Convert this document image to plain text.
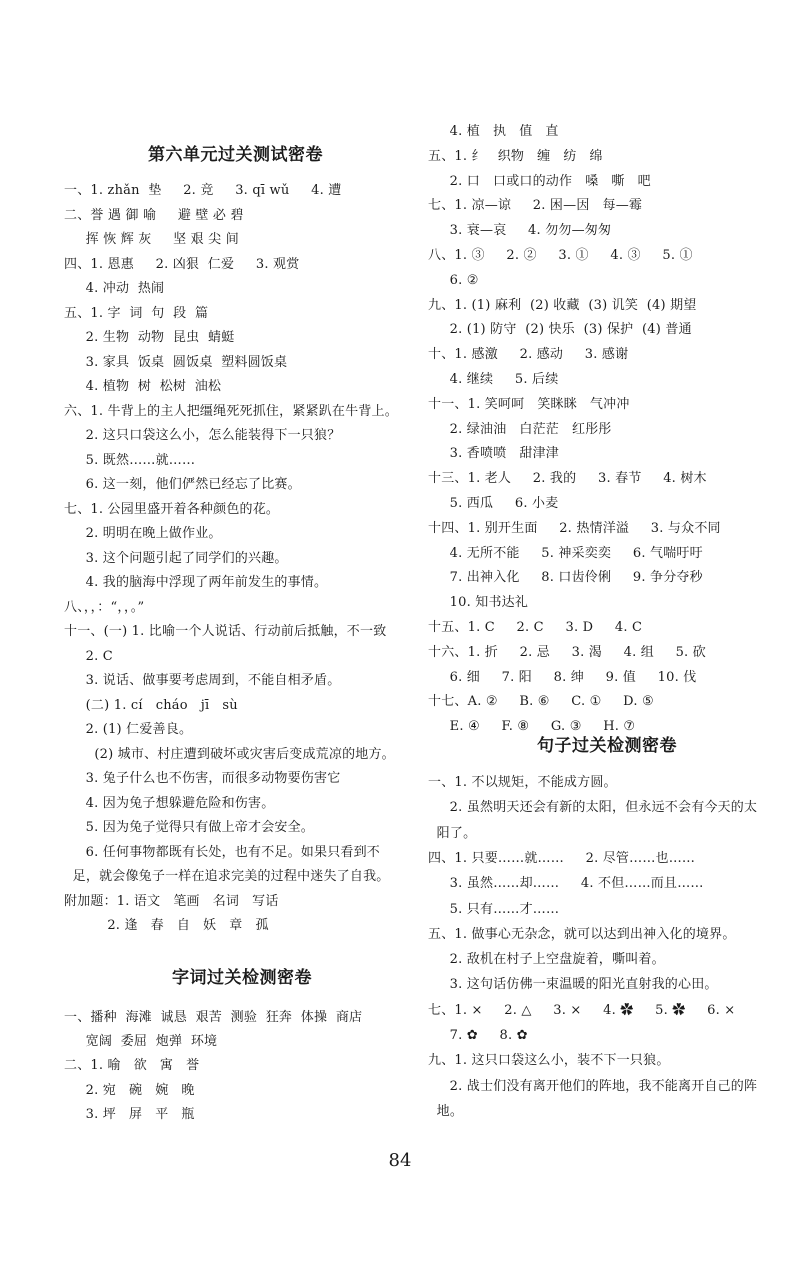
第六单元过关测试密卷
一、1. zhǎn  垫     2. 竞     3. qī wǔ     4. 遭
二、誉 遇 御 喻     避 壁 必 碧
挥 恢 辉 灰     坚 艰 尖 间
四、1. 恩惠     2. 凶狠  仁爱     3. 观赏
4. 冲动  热闹
五、1. 字  词  句  段  篇
2. 生物  动物  昆虫  蜻蜓
3. 家具  饭桌  圆饭桌  塑料圆饭桌
4. 植物  树  松树  油松
六、1. 牛背上的主人把缰绳死死抓住，紧紧趴在牛背上。
2. 这只口袋这么小，怎么能装得下一只狼？
5. 既然……就……
6. 这一刻，他们俨然已经忘了比赛。
七、1. 公园里盛开着各种颜色的花。
2. 明明在晚上做作业。
3. 这个问题引起了同学们的兴趣。
4. 我的脑海中浮现了两年前发生的事情。
八、，，：“，，。”
十一、(一) 1. 比喻一个人说话、行动前后抵触，不一致
2. C
3. 说话、做事要考虑周到，不能自相矛盾。
(二) 1. cí   cháo   jī   sù
2. (1) 仁爱善良。
(2) 城市、村庄遭到破坏或灾害后变成荒凉的地方。
3. 兔子什么也不伤害，而很多动物要伤害它
4. 因为兔子想躲避危险和伤害。
5. 因为兔子觉得只有做上帝才会安全。
6. 任何事物都既有长处，也有不足。如果只看到不
足，就会像兔子一样在追求完美的过程中迷失了自我。
附加题：1. 语文   笔画   名词   写话
2. 逢   春   自   妖   章   孤
字词过关检测密卷
一、播种  海滩  诚恳  艰苦  测验  狂奔  体操  商店
宽阔  委屈  炮弹  环境
二、1. 喻   欲   寓   誉
2. 宛   碗   婉   晚
3. 坪   屏   平   瓶
4. 植   执   值   直
五、1. 纟   织物   缠   纺   绵
2. 口   口或口的动作   嗓   嘶   吧
七、1. 凉—谅     2. 困—因   每—霉
3. 衰—哀     4. 勿勿—匆匆
八、1. ③     2. ②     3. ①     4. ③     5. ①
6. ②
九、1. (1) 麻利  (2) 收藏  (3) 讥笑  (4) 期望
2. (1) 防守  (2) 快乐  (3) 保护  (4) 普通
十、1. 感激     2. 感动     3. 感谢
4. 继续     5. 后续
十一、1. 笑呵呵   笑眯眯   气冲冲
2. 绿油油   白茫茫   红彤彤
3. 香喷喷   甜津津
十三、1. 老人     2. 我的     3. 春节     4. 树木
5. 西瓜     6. 小麦
十四、1. 别开生面     2. 热情洋溢     3. 与众不同
4. 无所不能     5. 神采奕奕     6. 气喘吁吁
7. 出神入化     8. 口齿伶俐     9. 争分夺秒
10. 知书达礼
十五、1. C     2. C     3. D     4. C
十六、1. 折     2. 忌     3. 渴     4. 组     5. 砍
6. 细     7. 阳     8. 绅     9. 值     10. 伐
十七、A. ②     B. ⑥     C. ①     D. ⑤
E. ④     F. ⑧     G. ③     H. ⑦
句子过关检测密卷
一、1. 不以规矩，不能成方圆。
2. 虽然明天还会有新的太阳，但永远不会有今天的太
阳了。
四、1. 只要……就……     2. 尽管……也……
3. 虽然……却……     4. 不但……而且……
5. 只有……才……
五、1. 做事心无杂念，就可以达到出神入化的境界。
2. 敌机在村子上空盘旋着，嘶叫着。
3. 这句话仿佛一束温暖的阳光直射我的心田。
七、1. ×     2. △     3. ×     4. ✿     5. ✿     6. ×
7. ✿     8. ✿
九、1. 这只口袋这么小，装不下一只狼。
2. 战士们没有离开他们的阵地，我不能离开自己的阵
地。
84
